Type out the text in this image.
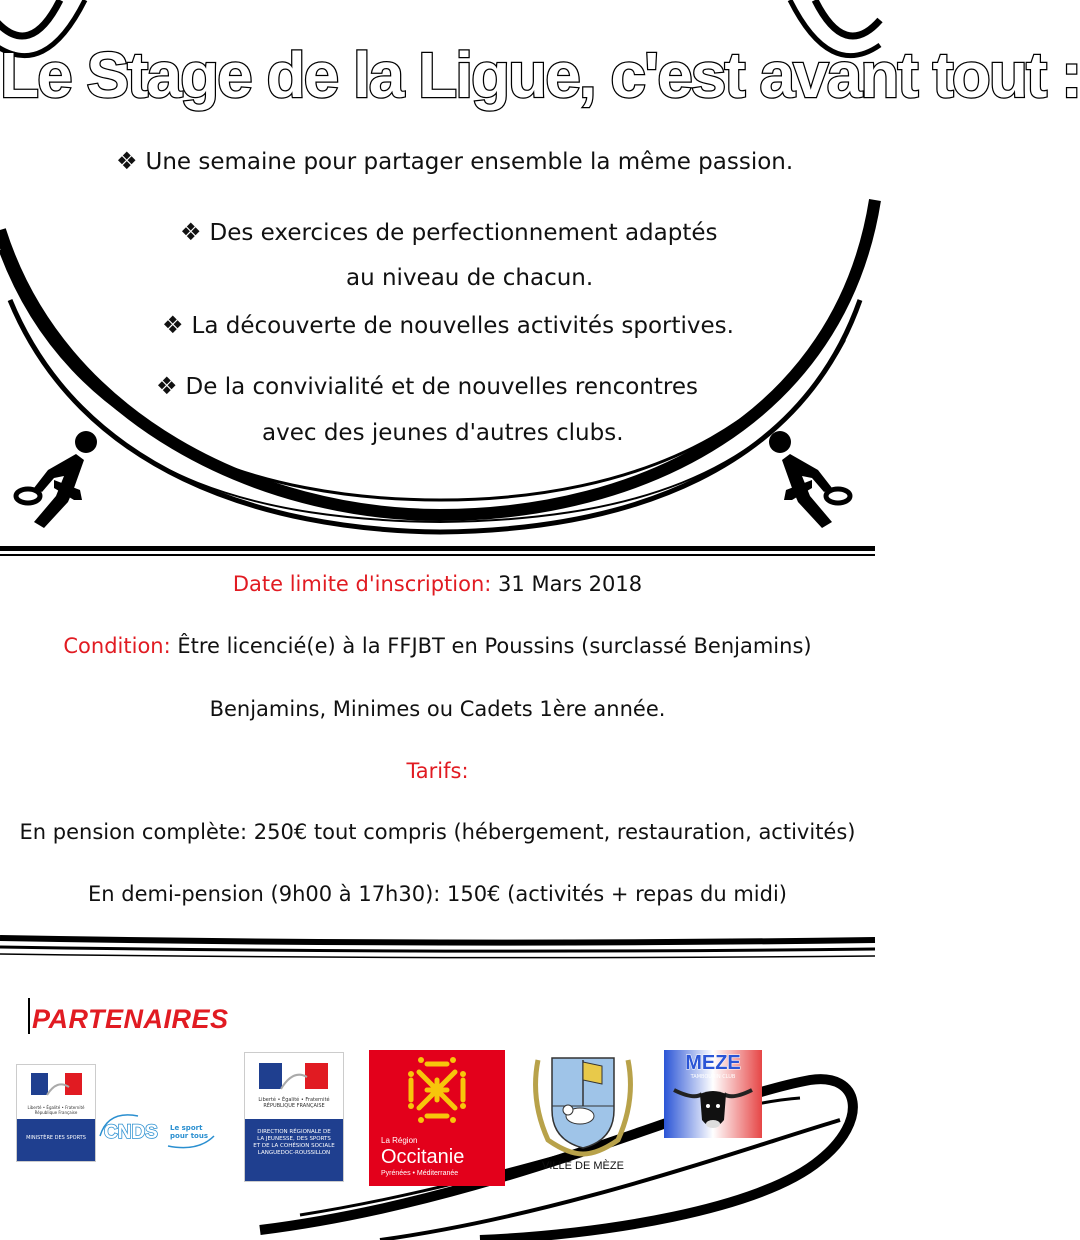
Le Stage de la Ligue, c'est avant tout :
❖ Une semaine pour partager ensemble la même passion.
❖ Des exercices de perfectionnement adaptés
au niveau de chacun.
❖ La découverte de nouvelles activités sportives.
❖ De la convivialité et de nouvelles rencontres
avec des jeunes d'autres clubs.
Date limite d'inscription: 31 Mars 2018
Condition: Être licencié(e) à la FFJBT en Poussins (surclassé Benjamins)
Benjamins, Minimes ou Cadets 1ère année.
Tarifs:
En pension complète: 250€ tout compris (hébergement, restauration, activités)
En demi-pension (9h00 à 17h30): 150€ (activités + repas du midi)
PARTENAIRES
Liberté • Égalité • Fraternité
République Française
MINISTÈRE DES SPORTS CNDS Le sport pour tous
Liberté • Égalité • Fraternité
RÉPUBLIQUE FRANÇAISE
DIRECTION RÉGIONALE DE LA JEUNESSE, DES SPORTS ET DE LA COHÉSION SOCIALE LANGUEDOC-ROUSSILLON
La Région
Occitanie
Pyrénées • Méditerranée
VILLE DE MÈZE
MEZE
TAMBOURIN CLUB
